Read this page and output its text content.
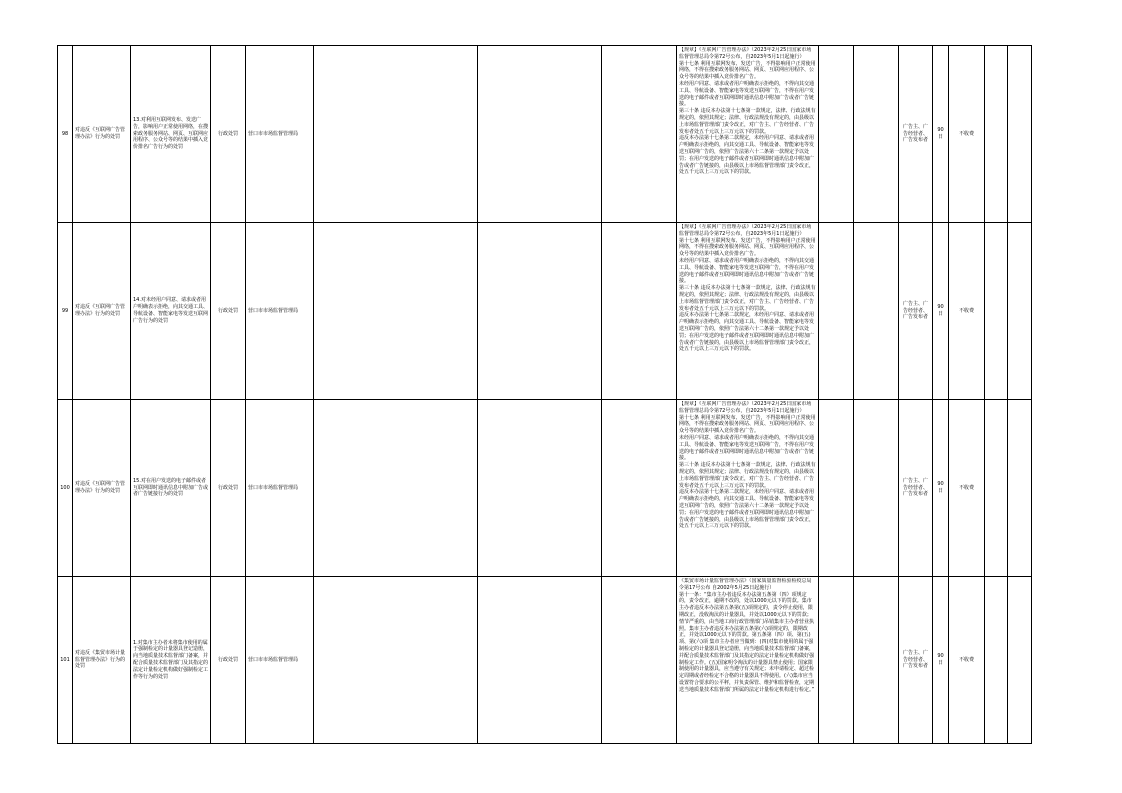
98	对违反《互联网广告管理办法》行为的处罚	13.对利用互联网发布、发送广告，影响用户正常使用网络，在搜索政务服务网站、网页、互联网应用程序、公众号等的结果中插入竞价排名广告行为的处罚	行政处罚	营口市市场监督管理局				【规章】《互联网广告管理办法》（2023年2月25日国家市场监督管理总局令第72号公布，自2023年5月1日起施行）
第十七条 利用互联网发布、发送广告，不得影响用户正常使用网络，不得在搜索政务服务网站、网页、互联网应用程序、公众号等的结果中插入竞价排名广告。
未经用户同意、请求或者用户明确表示拒绝的，不得向其交通工具、导航设备、智能家电等发送互联网广告，不得在用户发送的电子邮件或者互联网即时通讯信息中附加广告或者广告链接。
第三十条 违反本办法第十七条第一款规定，法律、行政法规有规定的，依照其规定；法律、行政法规没有规定的，由县级以上市场监督管理部门责令改正，对广告主、广告经营者、广告发布者处五千元以上三万元以下的罚款。
违反本办法第十七条第二款规定，未经用户同意、请求或者用户明确表示拒绝的，向其交通工具、导航设备、智能家电等发送互联网广告的，依照广告法第六十二条第一款规定予以处罚；在用户发送的电子邮件或者互联网即时通讯信息中附加广告或者广告链接的，由县级以上市场监督管理部门责令改正，处五千元以上三万元以下的罚款。			广告主、广告经营者、广告发布者	90日	不收费		
99	对违反《互联网广告管理办法》行为的处罚	14.对未经用户同意、请求或者用户明确表示拒绝，向其交通工具、导航设备、智能家电等发送互联网广告行为的处罚	行政处罚	营口市市场监督管理局				【规章】《互联网广告管理办法》（2023年2月25日国家市场监督管理总局令第72号公布，自2023年5月1日起施行）
第十七条 利用互联网发布、发送广告，不得影响用户正常使用网络，不得在搜索政务服务网站、网页、互联网应用程序、公众号等的结果中插入竞价排名广告。
未经用户同意、请求或者用户明确表示拒绝的，不得向其交通工具、导航设备、智能家电等发送互联网广告，不得在用户发送的电子邮件或者互联网即时通讯信息中附加广告或者广告链接。
第三十条 违反本办法第十七条第一款规定，法律、行政法规有规定的，依照其规定；法律、行政法规没有规定的，由县级以上市场监督管理部门责令改正，对广告主、广告经营者、广告发布者处五千元以上三万元以下的罚款。
违反本办法第十七条第二款规定，未经用户同意、请求或者用户明确表示拒绝的，向其交通工具、导航设备、智能家电等发送互联网广告的，依照广告法第六十二条第一款规定予以处罚；在用户发送的电子邮件或者互联网即时通讯信息中附加广告或者广告链接的，由县级以上市场监督管理部门责令改正，处五千元以上三万元以下的罚款。			广告主、广告经营者、广告发布者	90日	不收费		
100	对违反《互联网广告管理办法》行为的处罚	15.对在用户发送的电子邮件或者互联网即时通讯信息中附加广告或者广告链接行为的处罚	行政处罚	营口市市场监督管理局				【规章】《互联网广告管理办法》（2023年2月25日国家市场监督管理总局令第72号公布，自2023年5月1日起施行）
第十七条 利用互联网发布、发送广告，不得影响用户正常使用网络，不得在搜索政务服务网站、网页、互联网应用程序、公众号等的结果中插入竞价排名广告。
未经用户同意、请求或者用户明确表示拒绝的，不得向其交通工具、导航设备、智能家电等发送互联网广告，不得在用户发送的电子邮件或者互联网即时通讯信息中附加广告或者广告链接。
第三十条 违反本办法第十七条第一款规定，法律、行政法规有规定的，依照其规定；法律、行政法规没有规定的，由县级以上市场监督管理部门责令改正，对广告主、广告经营者、广告发布者处五千元以上三万元以下的罚款。
违反本办法第十七条第二款规定，未经用户同意、请求或者用户明确表示拒绝的，向其交通工具、导航设备、智能家电等发送互联网广告的，依照广告法第六十二条第一款规定予以处罚；在用户发送的电子邮件或者互联网即时通讯信息中附加广告或者广告链接的，由县级以上市场监督管理部门责令改正，处五千元以上三万元以下的罚款。			广告主、广告经营者、广告发布者	90日	不收费		
101	对违反《集贸市场计量监督管理办法》行为的处罚	1.对集市主办者未将集市使用的属于强制检定的计量器具登记造册，向当地质量技术监督部门备案，并配合质量技术监督部门及其指定的法定计量检定机构做好强制检定工作等行为的处罚	行政处罚	营口市市场监督管理局				《集贸市场计量监督管理办法》（国家质量监督检验检疫总局令第17号公布 自2002年5月25日起施行）
第十一条：“集市主办者违反本办法第五条第（四）项规定的，责令改正，逾期不改的，处以1000元以下的罚款。集市主办者违反本办法第五条第(五)项规定的，责令停止使用，限期改正，没收淘汰的计量器具，并处以1000元以下的罚款；情节严重的，由当地工商行政管理部门吊销集市主办者营业执照。集市主办者违反本办法第五条第(六)项规定的，限期改正，并处以1000元以下的罚款。第五条第（四）项、第(五)项、第(六)项 集市主办者应当做到：(四)对集市使用的属于强制检定的计量器具登记造册，向当地质量技术监督部门备案，并配合质量技术监督部门及其指定的法定计量检定机构做好强制检定工作。(五)国家明令淘汰的计量器具禁止使用；国家限制使用的计量器具，应当遵守有关规定；未申请检定、超过检定周期或者经检定不合格的计量器具不得使用。(六)集市应当设置符合要求的公平秤，并负责保管、维护和监督检查，定期送当地质量技术监督部门所属的法定计量检定机构进行检定。”			广告主、广告经营者、广告发布者	90日	不收费		
